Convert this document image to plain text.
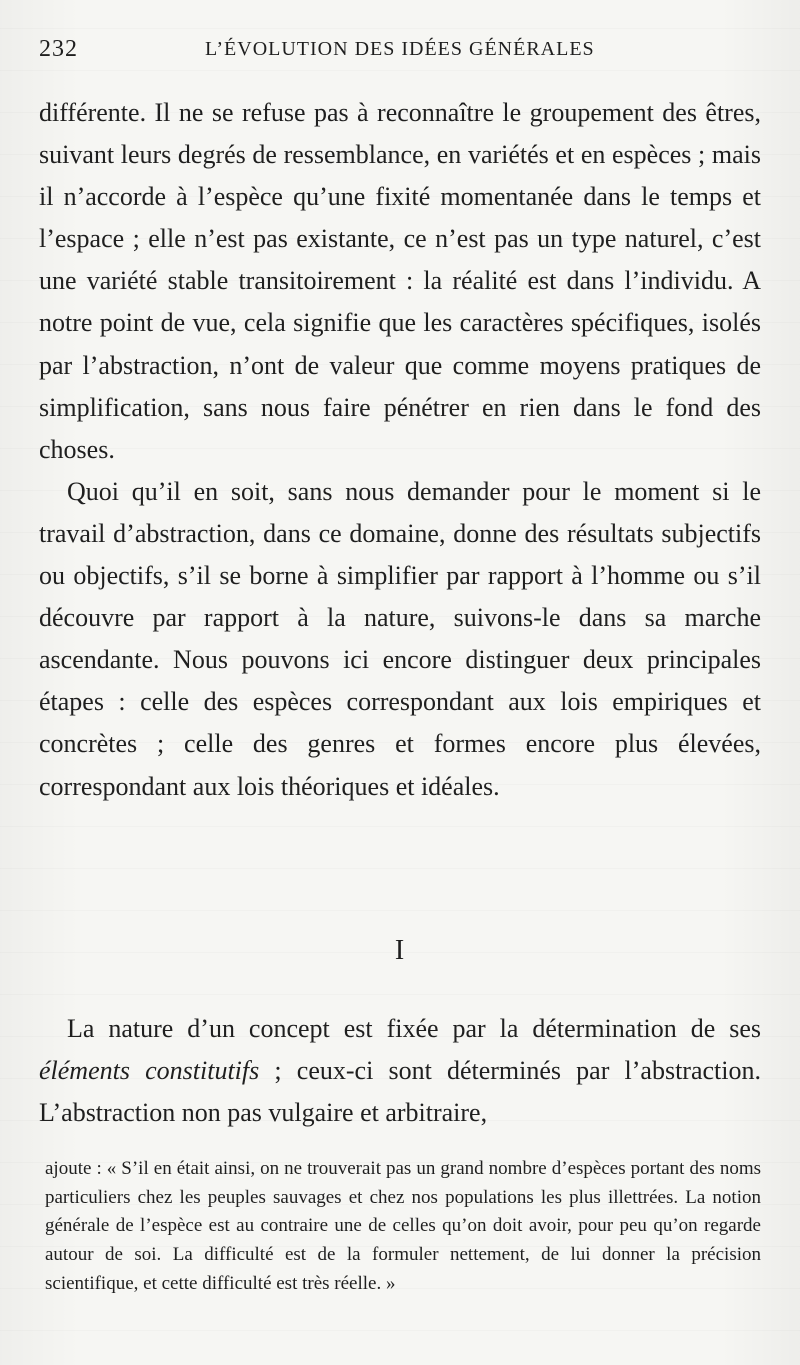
232	L’ÉVOLUTION DES IDÉES GÉNÉRALES

différente. Il ne se refuse pas à reconnaître le groupement des êtres, suivant leurs degrés de ressemblance, en variétés et en espèces ; mais il n’accorde à l’espèce qu’une fixité momentanée dans le temps et l’espace ; elle n’est pas existante, ce n’est pas un type naturel, c’est une variété stable transitoirement : la réalité est dans l’individu. A notre point de vue, cela signifie que les caractères spécifiques, isolés par l’abstraction, n’ont de valeur que comme moyens pratiques de simplification, sans nous faire pénétrer en rien dans le fond des choses.

Quoi qu’il en soit, sans nous demander pour le moment si le travail d’abstraction, dans ce domaine, donne des résultats subjectifs ou objectifs, s’il se borne à simplifier par rapport à l’homme ou s’il découvre par rapport à la nature, suivons-le dans sa marche ascendante. Nous pouvons ici encore distinguer deux principales étapes : celle des espèces correspondant aux lois empiriques et concrètes ; celle des genres et formes encore plus élevées, correspondant aux lois théoriques et idéales.

I

La nature d’un concept est fixée par la détermination de ses éléments constitutifs ; ceux-ci sont déterminés par l’abstraction. L’abstraction non pas vulgaire et arbitraire,

ajoute : « S’il en était ainsi, on ne trouverait pas un grand nombre d’espèces portant des noms particuliers chez les peuples sauvages et chez nos populations les plus illettrées. La notion générale de l’espèce est au contraire une de celles qu’on doit avoir, pour peu qu’on regarde autour de soi. La difficulté est de la formuler nettement, de lui donner la précision scientifique, et cette difficulté est très réelle. »
